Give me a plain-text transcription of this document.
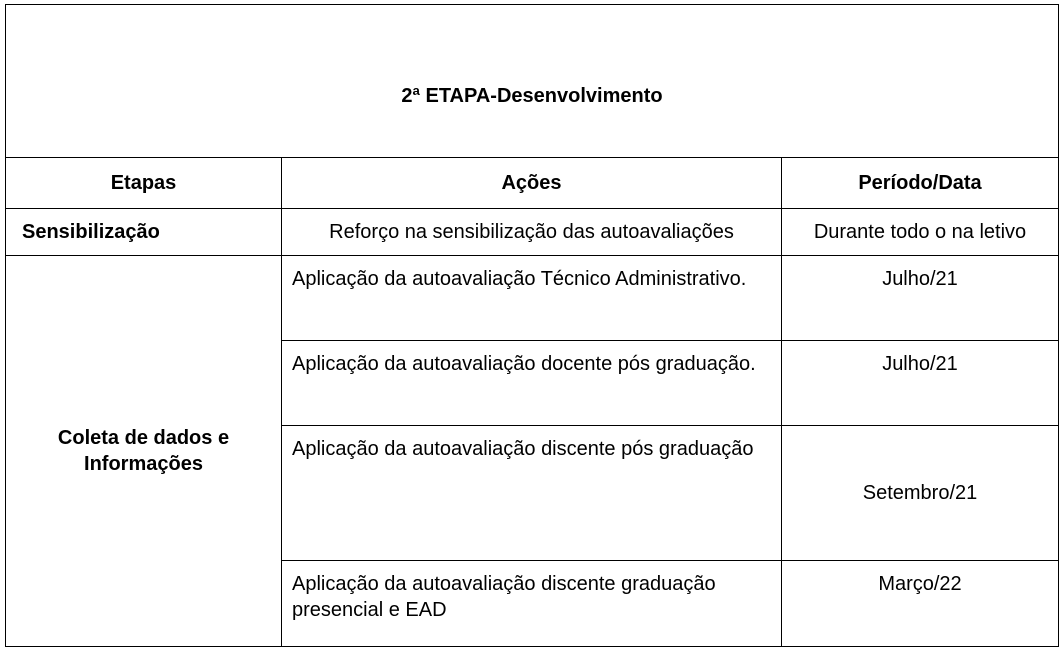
2ª ETAPA-Desenvolvimento		
Etapas	Ações	Período/Data
Sensibilização	Reforço na sensibilização das autoavaliações	Durante todo o na letivo
Coleta de dados e Informações	Aplicação da autoavaliação Técnico Administrativo.	Julho/21
	Aplicação da autoavaliação docente pós graduação.	Julho/21
	Aplicação da autoavaliação discente pós graduação	Setembro/21
	Aplicação da autoavaliação discente graduação presencial e EAD	Março/22
